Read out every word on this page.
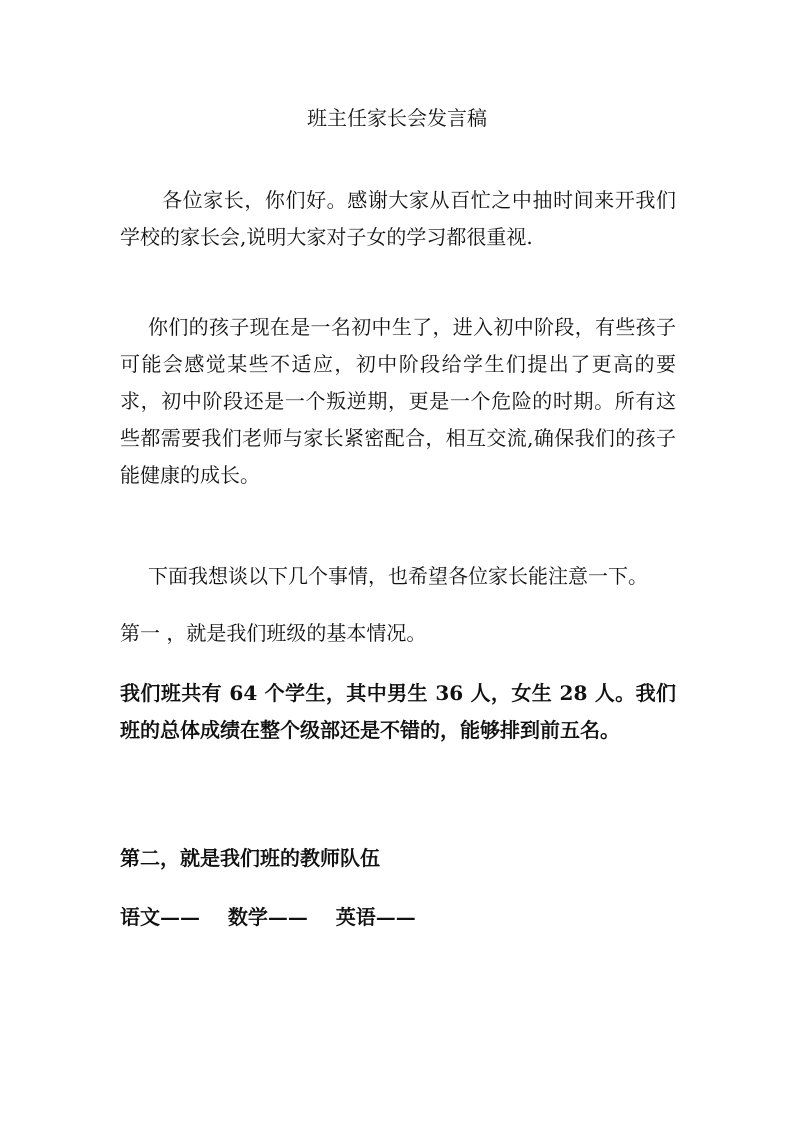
班主任家长会发言稿
各位家长，你们好。感谢大家从百忙之中抽时间来开我们学校的家长会,说明大家对子女的学习都很重视.
你们的孩子现在是一名初中生了，进入初中阶段，有些孩子可能会感觉某些不适应，初中阶段给学生们提出了更高的要求，初中阶段还是一个叛逆期，更是一个危险的时期。所有这些都需要我们老师与家长紧密配合，相互交流,确保我们的孩子能健康的成长。
下面我想谈以下几个事情，也希望各位家长能注意一下。
第一 ，就是我们班级的基本情况。
我们班共有 64 个学生，其中男生 36 人，女生 28 人。我们班的总体成绩在整个级部还是不错的，能够排到前五名。
第二，就是我们班的教师队伍
语文——    数学——    英语——
